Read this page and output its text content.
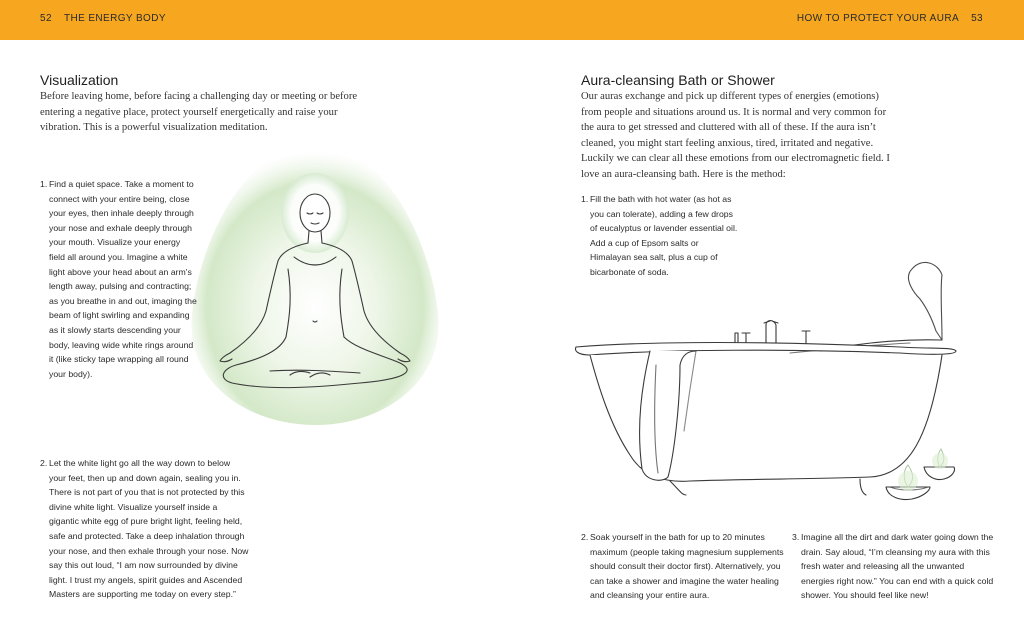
52 THE ENERGY BODY	HOW TO PROTECT YOUR AURA 53
Visualization
Before leaving home, before facing a challenging day or meeting or before entering a negative place, protect yourself energetically and raise your vibration. This is a powerful visualization meditation.
1. Find a quiet space. Take a moment to connect with your entire being, close your eyes, then inhale deeply through your nose and exhale deeply through your mouth. Visualize your energy field all around you. Imagine a white light above your head about an arm’s length away, pulsing and contracting; as you breathe in and out, imaging the beam of light swirling and expanding as it slowly starts descending your body, leaving wide white rings around it (like sticky tape wrapping all round your body).
2. Let the white light go all the way down to below your feet, then up and down again, sealing you in. There is not part of you that is not protected by this divine white light. Visualize yourself inside a gigantic white egg of pure bright light, feeling held, safe and protected. Take a deep inhalation through your nose, and then exhale through your nose. Now say this out loud, “I am now surrounded by divine light. I trust my angels, spirit guides and Ascended Masters are supporting me today on every step.”
Aura-cleansing Bath or Shower
Our auras exchange and pick up different types of energies (emotions) from people and situations around us. It is normal and very common for the aura to get stressed and cluttered with all of these. If the aura isn’t cleaned, you might start feeling anxious, tired, irritated and negative. Luckily we can clear all these emotions from our electromagnetic field. I love an aura-cleansing bath. Here is the method:
1. Fill the bath with hot water (as hot as you can tolerate), adding a few drops of eucalyptus or lavender essential oil. Add a cup of Epsom salts or Himalayan sea salt, plus a cup of bicarbonate of soda.
2. Soak yourself in the bath for up to 20 minutes maximum (people taking magnesium supplements should consult their doctor first). Alternatively, you can take a shower and imagine the water healing and cleansing your entire aura.
3. Imagine all the dirt and dark water going down the drain. Say aloud, “I’m cleansing my aura with this fresh water and releasing all the unwanted energies right now.” You can end with a quick cold shower. You should feel like new!
